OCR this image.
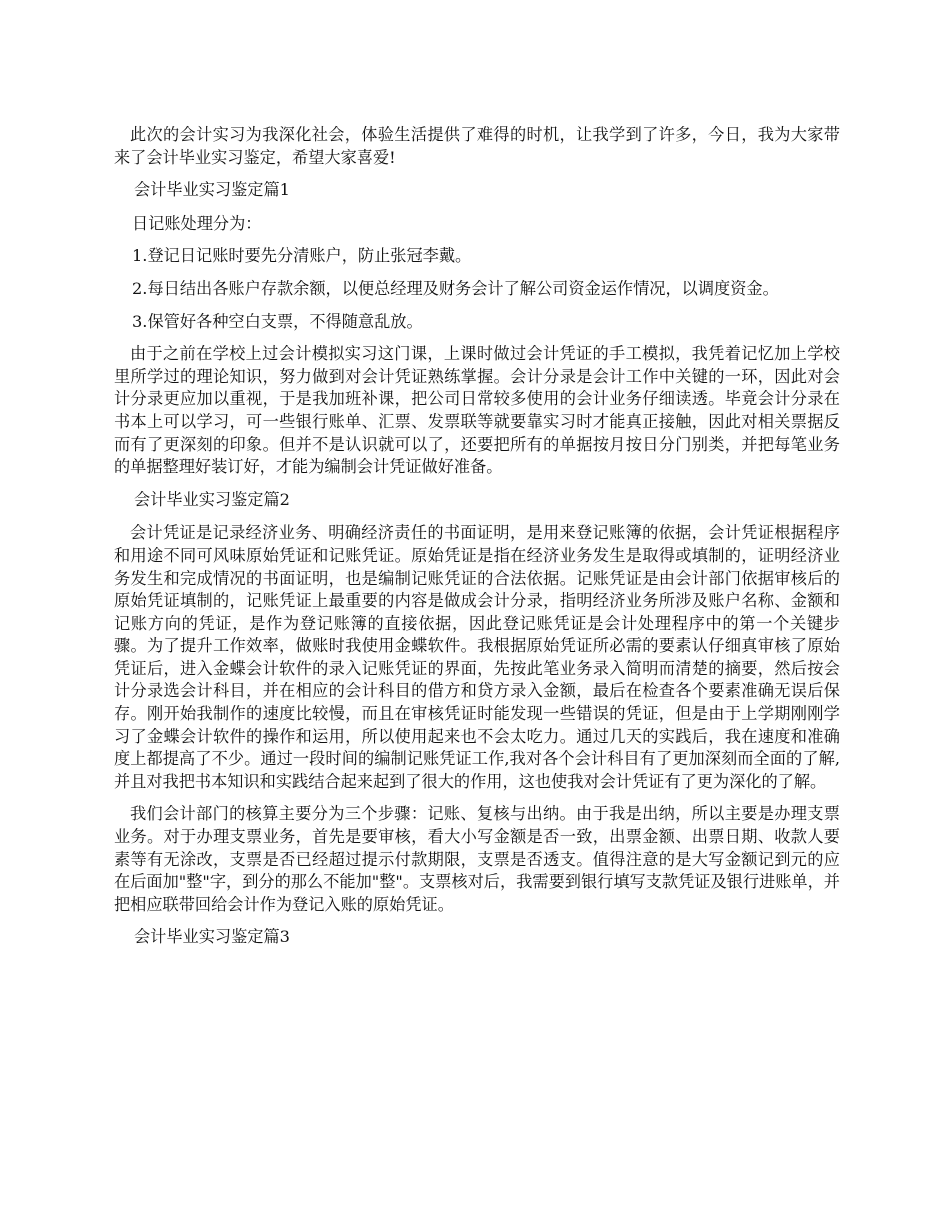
此次的会计实习为我深化社会，体验生活提供了难得的时机，让我学到了许多，今日，我为大家带来了会计毕业实习鉴定，希望大家喜爱!

会计毕业实习鉴定篇1

日记账处理分为：

1.登记日记账时要先分清账户，防止张冠李戴。

2.每日结出各账户存款余额，以便总经理及财务会计了解公司资金运作情况，以调度资金。

3.保管好各种空白支票，不得随意乱放。

由于之前在学校上过会计模拟实习这门课，上课时做过会计凭证的手工模拟，我凭着记忆加上学校里所学过的理论知识，努力做到对会计凭证熟练掌握。会计分录是会计工作中关键的一环，因此对会计分录更应加以重视，于是我加班补课，把公司日常较多使用的会计业务仔细读透。毕竟会计分录在书本上可以学习，可一些银行账单、汇票、发票联等就要靠实习时才能真正接触，因此对相关票据反而有了更深刻的印象。但并不是认识就可以了，还要把所有的单据按月按日分门别类，并把每笔业务的单据整理好装订好，才能为编制会计凭证做好准备。

会计毕业实习鉴定篇2

会计凭证是记录经济业务、明确经济责任的书面证明，是用来登记账簿的依据，会计凭证根据程序和用途不同可风味原始凭证和记账凭证。原始凭证是指在经济业务发生是取得或填制的，证明经济业务发生和完成情况的书面证明，也是编制记账凭证的合法依据。记账凭证是由会计部门依据审核后的原始凭证填制的，记账凭证上最重要的内容是做成会计分录，指明经济业务所涉及账户名称、金额和记账方向的凭证，是作为登记账簿的直接依据，因此登记账凭证是会计处理程序中的第一个关键步骤。为了提升工作效率，做账时我使用金蝶软件。我根据原始凭证所必需的要素认仔细真审核了原始凭证后，进入金蝶会计软件的录入记账凭证的界面，先按此笔业务录入简明而清楚的摘要，然后按会计分录选会计科目，并在相应的会计科目的借方和贷方录入金额，最后在检查各个要素准确无误后保存。刚开始我制作的速度比较慢，而且在审核凭证时能发现一些错误的凭证，但是由于上学期刚刚学习了金蝶会计软件的操作和运用，所以使用起来也不会太吃力。通过几天的实践后，我在速度和准确度上都提高了不少。通过一段时间的编制记账凭证工作,我对各个会计科目有了更加深刻而全面的了解,并且对我把书本知识和实践结合起来起到了很大的作用，这也使我对会计凭证有了更为深化的了解。

我们会计部门的核算主要分为三个步骤：记账、复核与出纳。由于我是出纳，所以主要是办理支票业务。对于办理支票业务，首先是要审核，看大小写金额是否一致，出票金额、出票日期、收款人要素等有无涂改，支票是否已经超过提示付款期限，支票是否透支。值得注意的是大写金额记到元的应在后面加"整"字，到分的那么不能加"整"。支票核对后，我需要到银行填写支款凭证及银行进账单，并把相应联带回给会计作为登记入账的原始凭证。

会计毕业实习鉴定篇3
